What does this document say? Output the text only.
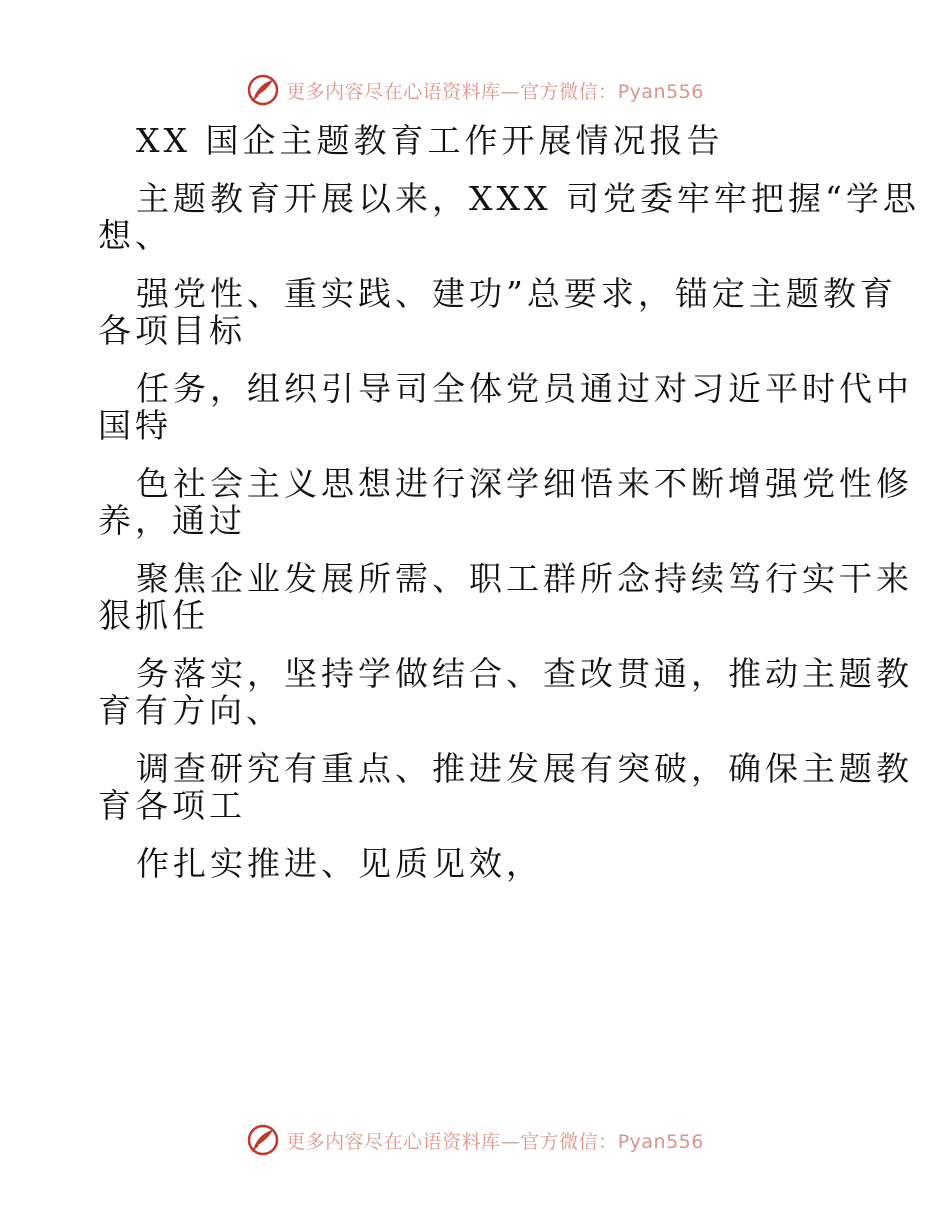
更多内容尽在心语资料库—官方微信：Pyan556

XX 国企主题教育工作开展情况报告

主题教育开展以来，XXX 司党委牢牢把握“学思

想、

强党性、重实践、建功”总要求，锚定主题教育

各项目标

任务，组织引导司全体党员通过对习近平时代中

国特

色社会主义思想进行深学细悟来不断增强党性修

养，通过

聚焦企业发展所需、职工群所念持续笃行实干来

狠抓任

务落实，坚持学做结合、查改贯通，推动主题教

育有方向、

调查研究有重点、推进发展有突破，确保主题教

育各项工

作扎实推进、见质见效，

更多内容尽在心语资料库—官方微信：Pyan556
